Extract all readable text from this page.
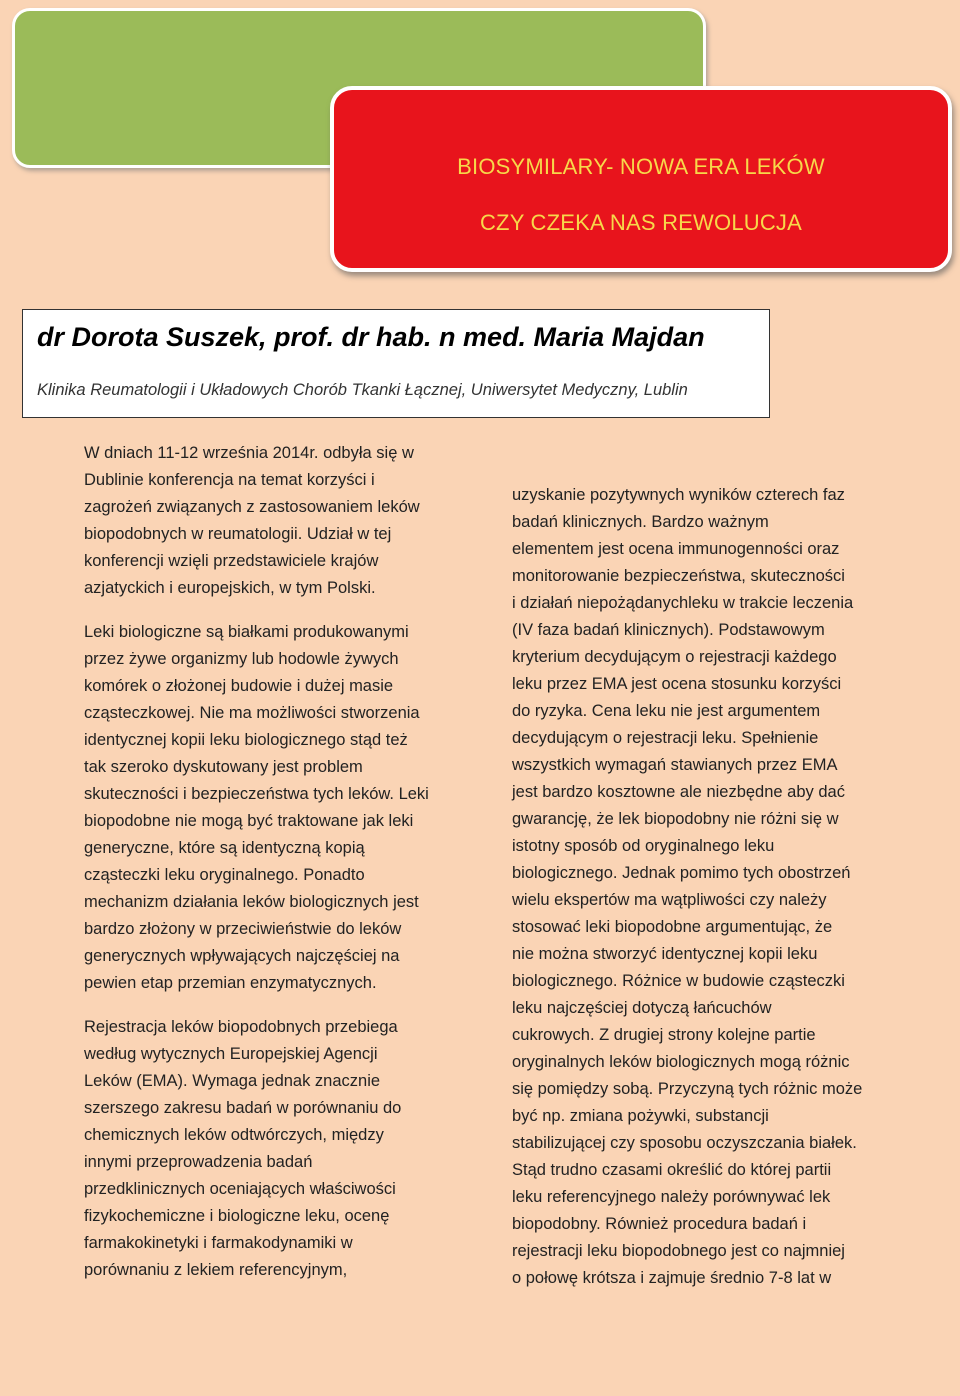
BIOSYMILARY- NOWA ERA LEKÓW
CZY CZEKA NAS REWOLUCJA
dr Dorota Suszek, prof. dr hab. n med. Maria Majdan
Klinika Reumatologii i Układowych Chorób Tkanki Łącznej, Uniwersytet Medyczny, Lublin

W dniach 11-12 września 2014r. odbyła się w

Dublinie konferencja na temat korzyści i

zagrożeń związanych z zastosowaniem leków

biopodobnych w reumatologii. Udział w tej

konferencji wzięli przedstawiciele krajów

azjatyckich i europejskich, w tym Polski.

Leki biologiczne są białkami produkowanymi

przez żywe organizmy lub hodowle żywych

komórek o złożonej budowie i dużej masie

cząsteczkowej. Nie ma możliwości stworzenia

identycznej kopii leku biologicznego stąd też

tak szeroko dyskutowany jest problem

skuteczności i bezpieczeństwa tych leków. Leki

biopodobne nie mogą być traktowane jak leki

generyczne, które są identyczną kopią

cząsteczki leku oryginalnego. Ponadto

mechanizm działania leków biologicznych jest

bardzo złożony w przeciwieństwie do leków

generycznych wpływających najczęściej na

pewien etap przemian enzymatycznych.

Rejestracja leków biopodobnych przebiega

według wytycznych Europejskiej Agencji

Leków (EMA). Wymaga jednak znacznie

szerszego zakresu badań w porównaniu do

chemicznych leków odtwórczych, między

innymi przeprowadzenia badań

przedklinicznych oceniających właściwości

fizykochemiczne i biologiczne leku, ocenę

farmakokinetyki i farmakodynamiki w

porównaniu z lekiem referencyjnym,

uzyskanie pozytywnych wyników czterech faz

badań klinicznych. Bardzo ważnym

elementem jest ocena immunogenności oraz

monitorowanie bezpieczeństwa, skuteczności

i działań niepożądanychleku w trakcie leczenia

(IV faza badań klinicznych). Podstawowym

kryterium decydującym o rejestracji każdego

leku przez EMA jest ocena stosunku korzyści

do ryzyka. Cena leku nie jest argumentem

decydującym o rejestracji leku. Spełnienie

wszystkich wymagań stawianych przez EMA

jest bardzo kosztowne ale niezbędne aby dać

gwarancję, że lek biopodobny nie różni się w

istotny sposób od oryginalnego leku

biologicznego. Jednak pomimo tych obostrzeń

wielu ekspertów ma wątpliwości czy należy

stosować leki biopodobne argumentując, że

nie można stworzyć identycznej kopii leku

biologicznego. Różnice w budowie cząsteczki

leku najczęściej dotyczą łańcuchów

cukrowych. Z drugiej strony kolejne partie

oryginalnych leków biologicznych mogą różnic

się pomiędzy sobą. Przyczyną tych różnic może

być np. zmiana pożywki, substancji

stabilizującej czy sposobu oczyszczania białek.

Stąd trudno czasami określić do której partii

leku referencyjnego należy porównywać lek

biopodobny. Również procedura badań i

rejestracji leku biopodobnego jest co najmniej

o połowę krótsza i zajmuje średnio 7-8 lat w
